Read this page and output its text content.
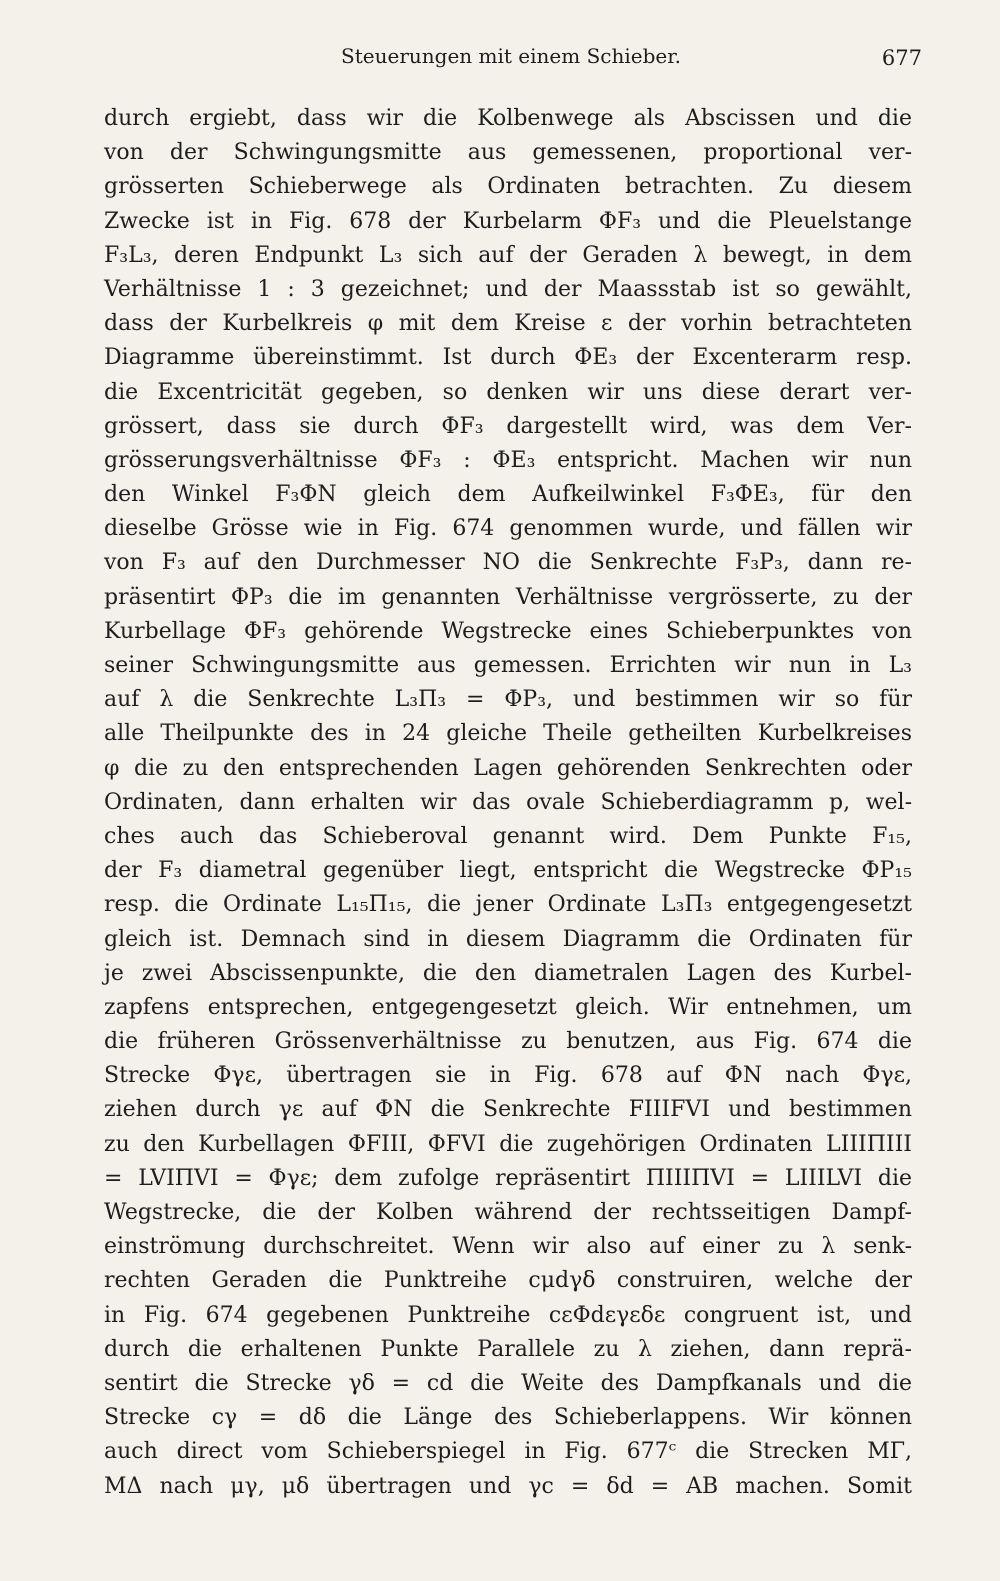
Steuerungen mit einem Schieber.	677
durch ergiebt, dass wir die Kolbenwege als Abscissen und die
von der Schwingungsmitte aus gemessenen, proportional ver-
grösserten Schieberwege als Ordinaten betrachten. Zu diesem
Zwecke ist in Fig. 678 der Kurbelarm ΦF₃ und die Pleuelstange
F₃L₃, deren Endpunkt L₃ sich auf der Geraden λ bewegt, in dem
Verhältnisse 1 : 3 gezeichnet; und der Maassstab ist so gewählt,
dass der Kurbelkreis φ mit dem Kreise ε der vorhin betrachteten
Diagramme übereinstimmt. Ist durch ΦE₃ der Excenterarm resp.
die Excentricität gegeben, so denken wir uns diese derart ver-
grössert, dass sie durch ΦF₃ dargestellt wird, was dem Ver-
grösserungsverhältnisse ΦF₃ : ΦE₃ entspricht. Machen wir nun
den Winkel F₃ΦN gleich dem Aufkeilwinkel F₃ΦE₃, für den
dieselbe Grösse wie in Fig. 674 genommen wurde, und fällen wir
von F₃ auf den Durchmesser NO die Senkrechte F₃P₃, dann re-
präsentirt ΦP₃ die im genannten Verhältnisse vergrösserte, zu der
Kurbellage ΦF₃ gehörende Wegstrecke eines Schieberpunktes von
seiner Schwingungsmitte aus gemessen. Errichten wir nun in L₃
auf λ die Senkrechte L₃Π₃ = ΦP₃, und bestimmen wir so für
alle Theilpunkte des in 24 gleiche Theile getheilten Kurbelkreises
φ die zu den entsprechenden Lagen gehörenden Senkrechten oder
Ordinaten, dann erhalten wir das ovale Schieberdiagramm p, wel-
ches auch das Schieberoval genannt wird. Dem Punkte F₁₅,
der F₃ diametral gegenüber liegt, entspricht die Wegstrecke ΦP₁₅
resp. die Ordinate L₁₅Π₁₅, die jener Ordinate L₃Π₃ entgegengesetzt
gleich ist. Demnach sind in diesem Diagramm die Ordinaten für
je zwei Abscissenpunkte, die den diametralen Lagen des Kurbel-
zapfens entsprechen, entgegengesetzt gleich. Wir entnehmen, um
die früheren Grössenverhältnisse zu benutzen, aus Fig. 674 die
Strecke Φγε, übertragen sie in Fig. 678 auf ΦN nach Φγε,
ziehen durch γε auf ΦN die Senkrechte FIIIFVI und bestimmen
zu den Kurbellagen ΦFIII, ΦFVI die zugehörigen Ordinaten LIIIΠIII
= LVIΠVI = Φγε; dem zufolge repräsentirt ΠIIIΠVI = LIIILVI die
Wegstrecke, die der Kolben während der rechtsseitigen Dampf-
einströmung durchschreitet. Wenn wir also auf einer zu λ senk-
rechten Geraden die Punktreihe cμdγδ construiren, welche der
in Fig. 674 gegebenen Punktreihe cεΦdεγεδε congruent ist, und
durch die erhaltenen Punkte Parallele zu λ ziehen, dann reprä-
sentirt die Strecke γδ = cd die Weite des Dampfkanals und die
Strecke cγ = dδ die Länge des Schieberlappens. Wir können
auch direct vom Schieberspiegel in Fig. 677ᶜ die Strecken MΓ,
MΔ nach μγ, μδ übertragen und γc = δd = AB machen. Somit
